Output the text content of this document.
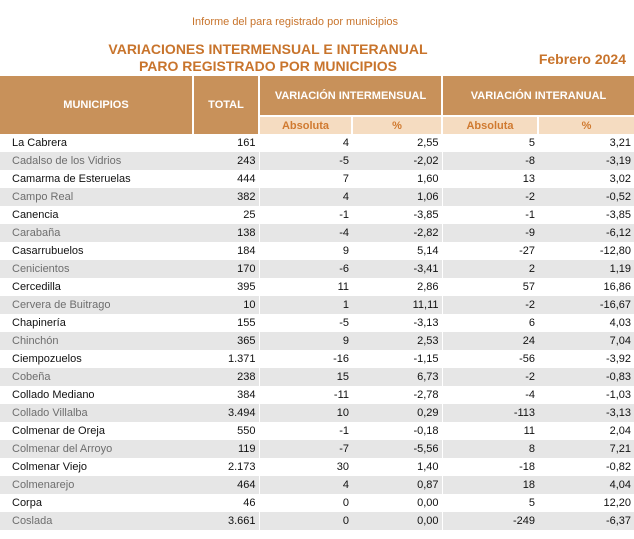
Informe del para registrado por municipios
VARIACIONES INTERMENSUAL E INTERANUAL
PARO REGISTRADO POR MUNICIPIOS	Febrero 2024
MUNICIPIOS	TOTAL	VARIACIÓN INTERMENSUAL		VARIACIÓN INTERANUAL	
		Absoluta	%	Absoluta	%
La Cabrera	161	4	2,55	5	3,21
Cadalso de los Vidrios	243	-5	-2,02	-8	-3,19
Camarma de Esteruelas	444	7	1,60	13	3,02
Campo Real	382	4	1,06	-2	-0,52
Canencia	25	-1	-3,85	-1	-3,85
Carabaña	138	-4	-2,82	-9	-6,12
Casarrubuelos	184	9	5,14	-27	-12,80
Cenicientos	170	-6	-3,41	2	1,19
Cercedilla	395	11	2,86	57	16,86
Cervera de Buitrago	10	1	11,11	-2	-16,67
Chapinería	155	-5	-3,13	6	4,03
Chinchón	365	9	2,53	24	7,04
Ciempozuelos	1.371	-16	-1,15	-56	-3,92
Cobeña	238	15	6,73	-2	-0,83
Collado Mediano	384	-11	-2,78	-4	-1,03
Collado Villalba	3.494	10	0,29	-113	-3,13
Colmenar de Oreja	550	-1	-0,18	11	2,04
Colmenar del Arroyo	119	-7	-5,56	8	7,21
Colmenar Viejo	2.173	30	1,40	-18	-0,82
Colmenarejo	464	4	0,87	18	4,04
Corpa	46	0	0,00	5	12,20
Coslada	3.661	0	0,00	-249	-6,37
